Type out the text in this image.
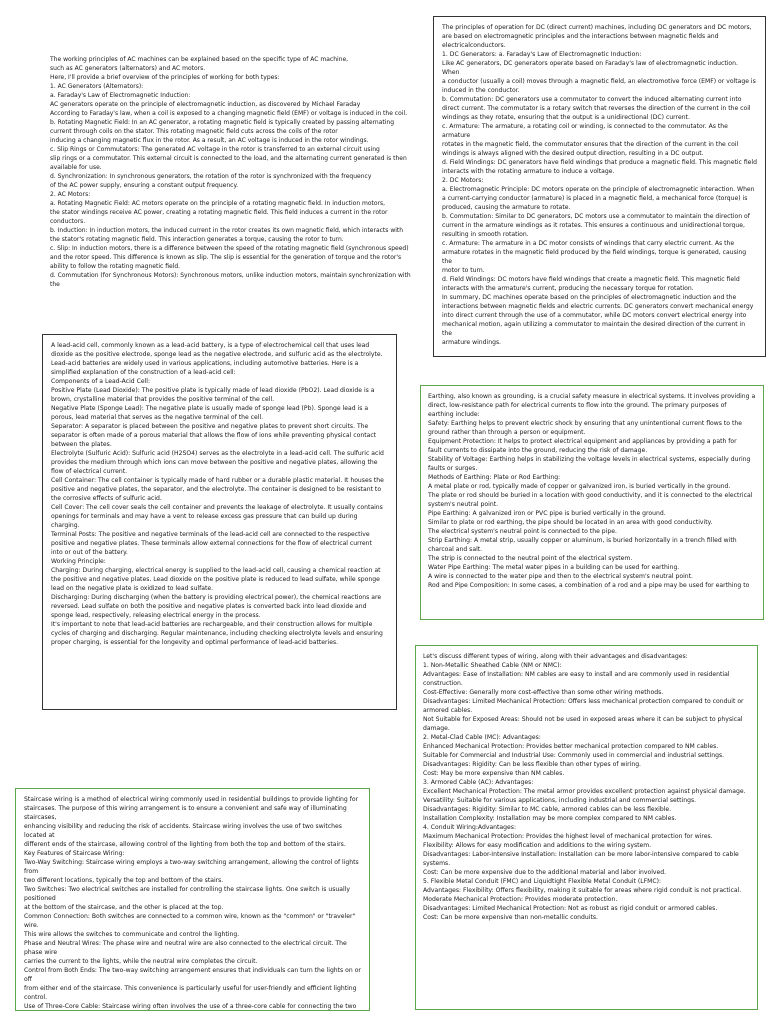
The working principles of AC machines can be explained based on the specific type of AC machine,

such as AC generators (alternators) and AC motors.

Here, I'll provide a brief overview of the principles of working for both types:

1. AC Generators (Alternators):

a. Faraday's Law of Electromagnetic Induction:

AC generators operate on the principle of electromagnetic induction, as discovered by Michael Faraday

According to Faraday's law, when a coil is exposed to a changing magnetic field (EMF) or voltage is induced in the coil.

b. Rotating Magnetic Field: In an AC generator, a rotating magnetic field is typically created by passing alternating

current through coils on the stator. This rotating magnetic field cuts across the coils of the rotor

inducing a changing magnetic flux in the rotor. As a result, an AC voltage is induced in the rotor windings.

c. Slip Rings or Commutators: The generated AC voltage in the rotor is transferred to an external circuit using

slip rings or a commutator. This external circuit is connected to the load, and the alternating current generated is then

available for use.

d. Synchronization: In synchronous generators, the rotation of the rotor is synchronized with the frequency

of the AC power supply, ensuring a constant output frequency.

2. AC Motors:

a. Rotating Magnetic Field: AC motors operate on the principle of a rotating magnetic field. In induction motors,

the stator windings receive AC power, creating a rotating magnetic field. This field induces a current in the rotor conductors.

b. Induction: In induction motors, the induced current in the rotor creates its own magnetic field, which interacts with

the stator's rotating magnetic field. This interaction generates a torque, causing the rotor to turn.

c. Slip: In induction motors, there is a difference between the speed of the rotating magnetic field (synchronous speed)

and the rotor speed. This difference is known as slip. The slip is essential for the generation of torque and the rotor's

ability to follow the rotating magnetic field.

d. Commutation (for Synchronous Motors): Synchronous motors, unlike induction motors, maintain synchronization with the

The principles of operation for DC (direct current) machines, including DC generators and DC motors,

are based on electromagnetic principles and the interactions between magnetic fields and

electricalconductors.

1. DC Generators: a. Faraday's Law of Electromagnetic Induction:

Like AC generators, DC generators operate based on Faraday's law of electromagnetic induction. When

a conductor (usually a coil) moves through a magnetic field, an electromotive force (EMF) or voltage is

induced in the conductor.

b. Commutation: DC generators use a commutator to convert the induced alternating current into

direct current. The commutator is a rotary switch that reverses the direction of the current in the coil

windings as they rotate, ensuring that the output is a unidirectional (DC) current.

c. Armature: The armature, a rotating coil or winding, is connected to the commutator. As the armature

rotates in the magnetic field, the commutator ensures that the direction of the current in the coil

windings is always aligned with the desired output direction, resulting in a DC output.

d. Field Windings: DC generators have field windings that produce a magnetic field. This magnetic field

interacts with the rotating armature to induce a voltage.

2. DC Motors:

a. Electromagnetic Principle: DC motors operate on the principle of electromagnetic interaction. When

a current-carrying conductor (armature) is placed in a magnetic field, a mechanical force (torque) is

produced, causing the armature to rotate.

b. Commutation: Similar to DC generators, DC motors use a commutator to maintain the direction of

current in the armature windings as it rotates. This ensures a continuous and unidirectional torque,

resulting in smooth rotation.

c. Armature: The armature in a DC motor consists of windings that carry electric current. As the

armature rotates in the magnetic field produced by the field windings, torque is generated, causing the

motor to turn.

d. Field Windings: DC motors have field windings that create a magnetic field. This magnetic field

interacts with the armature's current, producing the necessary torque for rotation.

In summary, DC machines operate based on the principles of electromagnetic induction and the

interactions between magnetic fields and electric currents. DC generators convert mechanical energy

into direct current through the use of a commutator, while DC motors convert electrical energy into

mechanical motion, again utilizing a commutator to maintain the desired direction of the current in the

armature windings.

A lead-acid cell, commonly known as a lead-acid battery, is a type of electrochemical cell that uses lead

dioxide as the positive electrode, sponge lead as the negative electrode, and sulfuric acid as the electrolyte.

Lead-acid batteries are widely used in various applications, including automotive batteries. Here is a

simplified explanation of the construction of a lead-acid cell:

Components of a Lead-Acid Cell:

Positive Plate (Lead Dioxide): The positive plate is typically made of lead dioxide (PbO2). Lead dioxide is a

brown, crystalline material that provides the positive terminal of the cell.

Negative Plate (Sponge Lead): The negative plate is usually made of sponge lead (Pb). Sponge lead is a

porous, lead material that serves as the negative terminal of the cell.

Separator: A separator is placed between the positive and negative plates to prevent short circuits. The

separator is often made of a porous material that allows the flow of ions while preventing physical contact

between the plates.

Electrolyte (Sulfuric Acid): Sulfuric acid (H2SO4) serves as the electrolyte in a lead-acid cell. The sulfuric acid

provides the medium through which ions can move between the positive and negative plates, allowing the

flow of electrical current.

Cell Container: The cell container is typically made of hard rubber or a durable plastic material. It houses the

positive and negative plates, the separator, and the electrolyte. The container is designed to be resistant to

the corrosive effects of sulfuric acid.

Cell Cover: The cell cover seals the cell container and prevents the leakage of electrolyte. It usually contains

openings for terminals and may have a vent to release excess gas pressure that can build up during

charging.

Terminal Posts: The positive and negative terminals of the lead-acid cell are connected to the respective

positive and negative plates. These terminals allow external connections for the flow of electrical current

into or out of the battery.

Working Principle:

Charging: During charging, electrical energy is supplied to the lead-acid cell, causing a chemical reaction at

the positive and negative plates. Lead dioxide on the positive plate is reduced to lead sulfate, while sponge

lead on the negative plate is oxidized to lead sulfate.

Discharging: During discharging (when the battery is providing electrical power), the chemical reactions are

reversed. Lead sulfate on both the positive and negative plates is converted back into lead dioxide and

sponge lead, respectively, releasing electrical energy in the process.

It's important to note that lead-acid batteries are rechargeable, and their construction allows for multiple

cycles of charging and discharging. Regular maintenance, including checking electrolyte levels and ensuring

proper charging, is essential for the longevity and optimal performance of lead-acid batteries.

Earthing, also known as grounding, is a crucial safety measure in electrical systems. It involves providing a

direct, low-resistance path for electrical currents to flow into the ground. The primary purposes of

earthing include:

Safety: Earthing helps to prevent electric shock by ensuring that any unintentional current flows to the

ground rather than through a person or equipment.

Equipment Protection: It helps to protect electrical equipment and appliances by providing a path for

fault currents to dissipate into the ground, reducing the risk of damage.

Stability of Voltage: Earthing helps in stabilizing the voltage levels in electrical systems, especially during

faults or surges.

Methods of Earthing: Plate or Rod Earthing:

A metal plate or rod, typically made of copper or galvanized iron, is buried vertically in the ground.

The plate or rod should be buried in a location with good conductivity, and it is connected to the electrical

system's neutral point.

Pipe Earthing: A galvanized iron or PVC pipe is buried vertically in the ground.

Similar to plate or rod earthing, the pipe should be located in an area with good conductivity.

The electrical system's neutral point is connected to the pipe.

Strip Earthing: A metal strip, usually copper or aluminum, is buried horizontally in a trench filled with

charcoal and salt.

The strip is connected to the neutral point of the electrical system.

Water Pipe Earthing: The metal water pipes in a building can be used for earthing.

A wire is connected to the water pipe and then to the electrical system's neutral point.

Rod and Pipe Composition: In some cases, a combination of a rod and a pipe may be used for earthing to

Let's discuss different types of wiring, along with their advantages and disadvantages:

1. Non-Metallic Sheathed Cable (NM or NMC):

Advantages: Ease of Installation: NM cables are easy to install and are commonly used in residential

construction.

Cost-Effective: Generally more cost-effective than some other wiring methods.

Disadvantages: Limited Mechanical Protection: Offers less mechanical protection compared to conduit or

armored cables.

Not Suitable for Exposed Areas: Should not be used in exposed areas where it can be subject to physical

damage.

2. Metal-Clad Cable (MC): Advantages:

Enhanced Mechanical Protection: Provides better mechanical protection compared to NM cables.

Suitable for Commercial and Industrial Use: Commonly used in commercial and industrial settings.

Disadvantages: Rigidity: Can be less flexible than other types of wiring.

Cost: May be more expensive than NM cables.

3. Armored Cable (AC): Advantages:

Excellent Mechanical Protection: The metal armor provides excellent protection against physical damage.

Versatility: Suitable for various applications, including industrial and commercial settings.

Disadvantages: Rigidity: Similar to MC cable, armored cables can be less flexible.

Installation Complexity: Installation may be more complex compared to NM cables.

4. Conduit Wiring:Advantages:

Maximum Mechanical Protection: Provides the highest level of mechanical protection for wires.

Flexibility: Allows for easy modification and additions to the wiring system.

Disadvantages: Labor-Intensive Installation: Installation can be more labor-intensive compared to cable

systems.

Cost: Can be more expensive due to the additional material and labor involved.

5. Flexible Metal Conduit (FMC) and Liquidtight Flexible Metal Conduit (LFMC):

Advantages: Flexibility: Offers flexibility, making it suitable for areas where rigid conduit is not practical.

Moderate Mechanical Protection: Provides moderate protection.

Disadvantages: Limited Mechanical Protection: Not as robust as rigid conduit or armored cables.

Cost: Can be more expensive than non-metallic conduits.

Staircase wiring is a method of electrical wiring commonly used in residential buildings to provide lighting for

staircases. The purpose of this wiring arrangement is to ensure a convenient and safe way of illuminating staircases,

enhancing visibility and reducing the risk of accidents. Staircase wiring involves the use of two switches located at

different ends of the staircase, allowing control of the lighting from both the top and bottom of the stairs.

Key Features of Staircase Wiring:

Two-Way Switching: Staircase wiring employs a two-way switching arrangement, allowing the control of lights from

two different locations, typically the top and bottom of the stairs.

Two Switches: Two electrical switches are installed for controlling the staircase lights. One switch is usually positioned

at the bottom of the staircase, and the other is placed at the top.

Common Connection: Both switches are connected to a common wire, known as the "common" or "traveler" wire.

This wire allows the switches to communicate and control the lighting.

Phase and Neutral Wires: The phase wire and neutral wire are also connected to the electrical circuit. The phase wire

carries the current to the lights, while the neutral wire completes the circuit.

Control from Both Ends: The two-way switching arrangement ensures that individuals can turn the lights on or off

from either end of the staircase. This convenience is particularly useful for user-friendly and efficient lighting control.

Use of Three-Core Cable: Staircase wiring often involves the use of a three-core cable for connecting the two
